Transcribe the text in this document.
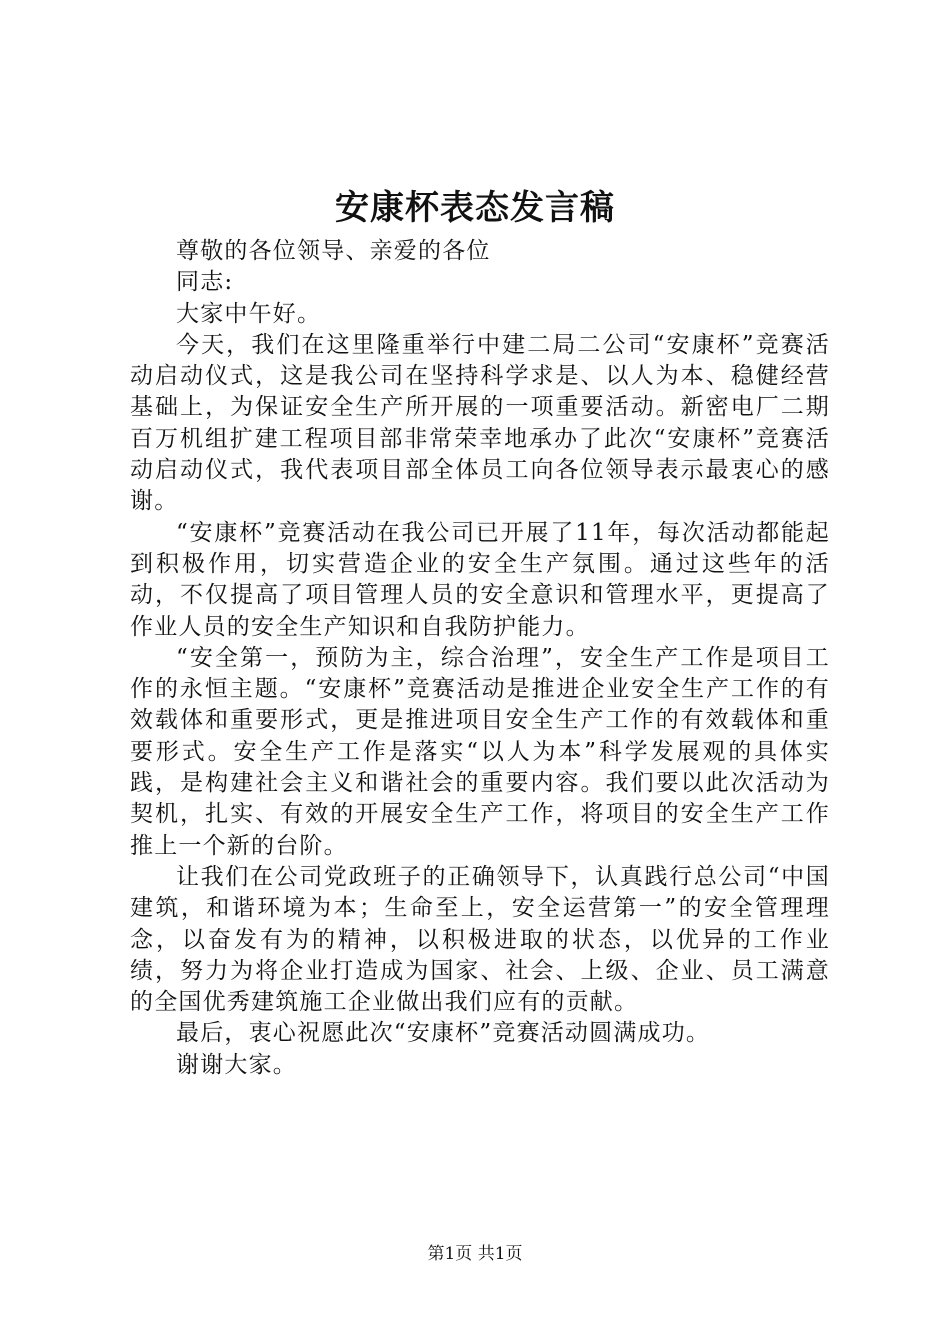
安康杯表态发言稿

尊敬的各位领导、亲爱的各位

同志:

大家中午好。

今天，我们在这里隆重举行中建二局二公司“安康杯”竞赛活动启动仪式，这是我公司在坚持科学求是、以人为本、稳健经营基础上，为保证安全生产所开展的一项重要活动。新密电厂二期百万机组扩建工程项目部非常荣幸地承办了此次“安康杯”竞赛活动启动仪式，我代表项目部全体员工向各位领导表示最衷心的感谢。

“安康杯”竞赛活动在我公司已开展了11年，每次活动都能起到积极作用，切实营造企业的安全生产氛围。通过这些年的活动，不仅提高了项目管理人员的安全意识和管理水平，更提高了作业人员的安全生产知识和自我防护能力。

“安全第一，预防为主，综合治理”，安全生产工作是项目工作的永恒主题。“安康杯”竞赛活动是推进企业安全生产工作的有效载体和重要形式，更是推进项目安全生产工作的有效载体和重要形式。安全生产工作是落实“以人为本”科学发展观的具体实践，是构建社会主义和谐社会的重要内容。我们要以此次活动为契机，扎实、有效的开展安全生产工作，将项目的安全生产工作推上一个新的台阶。

让我们在公司党政班子的正确领导下，认真践行总公司“中国建筑，和谐环境为本；生命至上，安全运营第一”的安全管理理念，以奋发有为的精神，以积极进取的状态，以优异的工作业绩，努力为将企业打造成为国家、社会、上级、企业、员工满意的全国优秀建筑施工企业做出我们应有的贡献。

最后，衷心祝愿此次“安康杯”竞赛活动圆满成功。

谢谢大家。

第1页 共1页
